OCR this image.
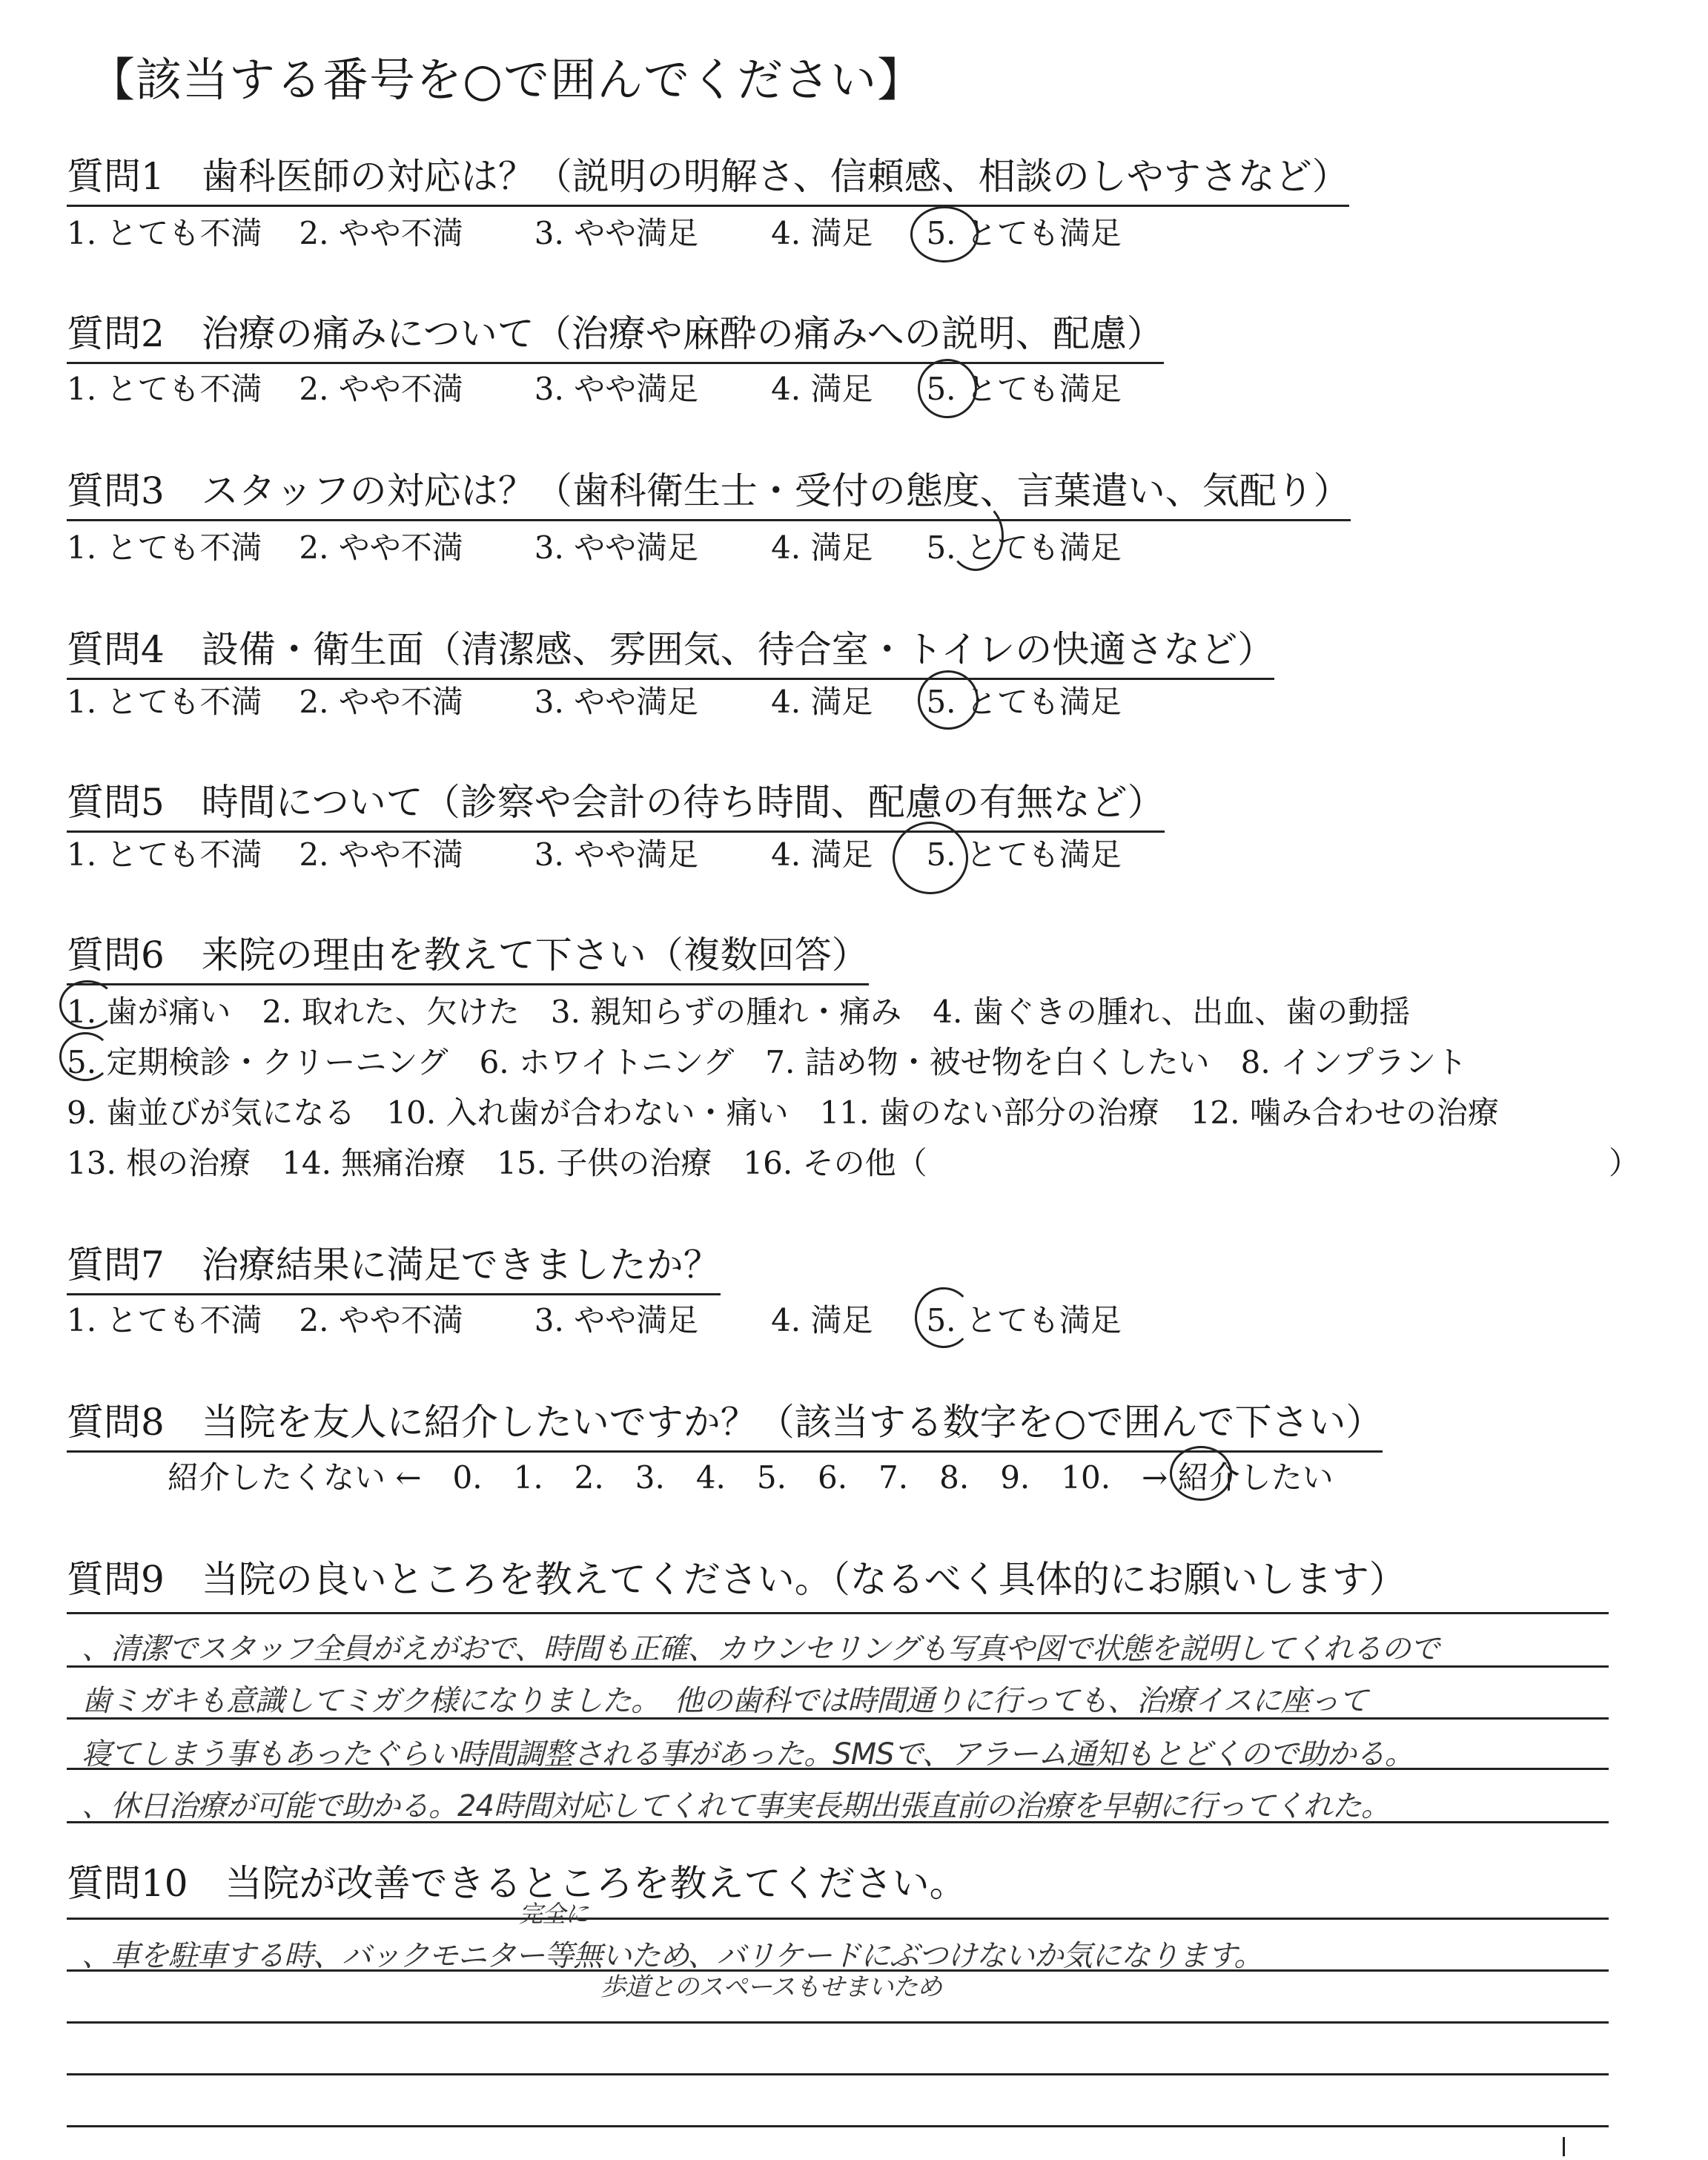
【該当する番号を○で囲んでください】
質問1　歯科医師の対応は？（説明の明解さ、信頼感、相談のしやすさなど）
1. とても不満 2. やや不満 3. やや満足 4. 満足 5. とても満足
質問2　治療の痛みについて（治療や麻酔の痛みへの説明、配慮）
1. とても不満 2. やや不満 3. やや満足 4. 満足 5. とても満足
質問3　スタッフの対応は？（歯科衛生士・受付の態度、言葉遣い、気配り）
1. とても不満 2. やや不満 3. やや満足 4. 満足 5. とても満足
質問4　設備・衛生面（清潔感、雰囲気、待合室・トイレの快適さなど）
1. とても不満 2. やや不満 3. やや満足 4. 満足 5. とても満足
質問5　時間について（診察や会計の待ち時間、配慮の有無など）
1. とても不満 2. やや不満 3. やや満足 4. 満足 5. とても満足
質問6　来院の理由を教えて下さい（複数回答）
1. 歯が痛い　2. 取れた、欠けた　3. 親知らずの腫れ・痛み　4. 歯ぐきの腫れ、出血、歯の動揺
5. 定期検診・クリーニング　6. ホワイトニング　7. 詰め物・被せ物を白くしたい　8. インプラント
9. 歯並びが気になる　10. 入れ歯が合わない・痛い　11. 歯のない部分の治療　12. 噛み合わせの治療
13. 根の治療　14. 無痛治療　15. 子供の治療　16. その他（	）
質問7　治療結果に満足できましたか？
1. とても不満 2. やや不満 3. やや満足 4. 満足 5. とても満足
質問8　当院を友人に紹介したいですか？（該当する数字を○で囲んで下さい）
紹介したくない ←　0.　1.　2.　3.　4.　5.　6.　7.　8.　9.　10.　→ 紹介したい
質問9　当院の良いところを教えてください。（なるべく具体的にお願いします）
、清潔でスタッフ全員がえがおで、時間も正確、カウンセリングも写真や図で状態を説明してくれるので
歯ミガキも意識してミガク様になりました。　他の歯科では時間通りに行っても、治療イスに座って
寝てしまう事もあったぐらい時間調整される事があった。SMSで、アラーム通知もとどくので助かる。
、休日治療が可能で助かる。24時間対応してくれて事実長期出張直前の治療を早朝に行ってくれた。
質問10　当院が改善できるところを教えてください。
完全に
、車を駐車する時、バックモニター等無いため、バリケードにぶつけないか気になります。
歩道とのスペースもせまいため
